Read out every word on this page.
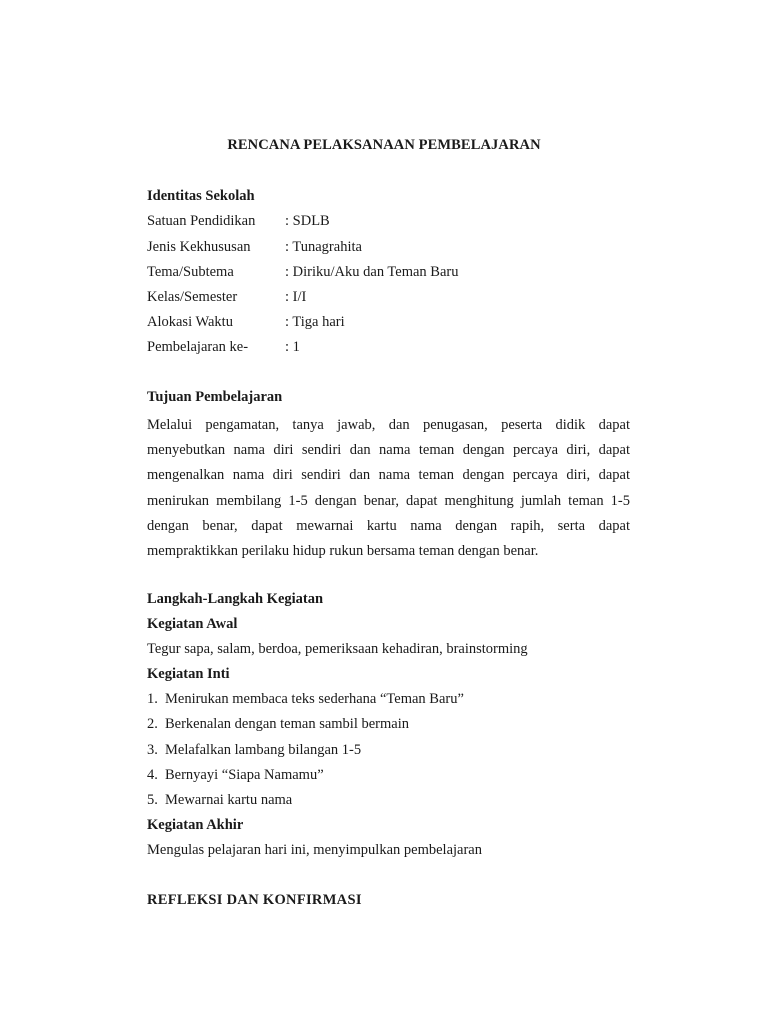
RENCANA PELAKSANAAN PEMBELAJARAN
Identitas Sekolah
Satuan Pendidikan : SDLB
Jenis Kekhususan : Tunagrahita
Tema/Subtema	: Diriku/Aku dan Teman Baru
Kelas/Semester	: I/I
Alokasi Waktu	: Tiga hari
Pembelajaran ke-	: 1
Tujuan Pembelajaran
Melalui pengamatan, tanya jawab, dan penugasan, peserta didik dapat menyebutkan nama diri sendiri dan nama teman dengan percaya diri, dapat mengenalkan nama diri sendiri dan nama teman dengan percaya diri, dapat menirukan membilang 1-5 dengan benar, dapat menghitung jumlah teman 1-5 dengan benar, dapat mewarnai kartu nama dengan rapih, serta dapat mempraktikkan perilaku hidup rukun bersama teman dengan benar.
Langkah-Langkah Kegiatan
Kegiatan Awal
Tegur sapa, salam, berdoa, pemeriksaan kehadiran, brainstorming
Kegiatan Inti
1. Menirukan membaca teks sederhana “Teman Baru”
2. Berkenalan dengan teman sambil bermain
3. Melafalkan lambang bilangan 1-5
4. Bernyayi “Siapa Namamu”
5. Mewarnai kartu nama
Kegiatan Akhir
Mengulas pelajaran hari ini, menyimpulkan pembelajaran
REFLEKSI DAN KONFIRMASI
